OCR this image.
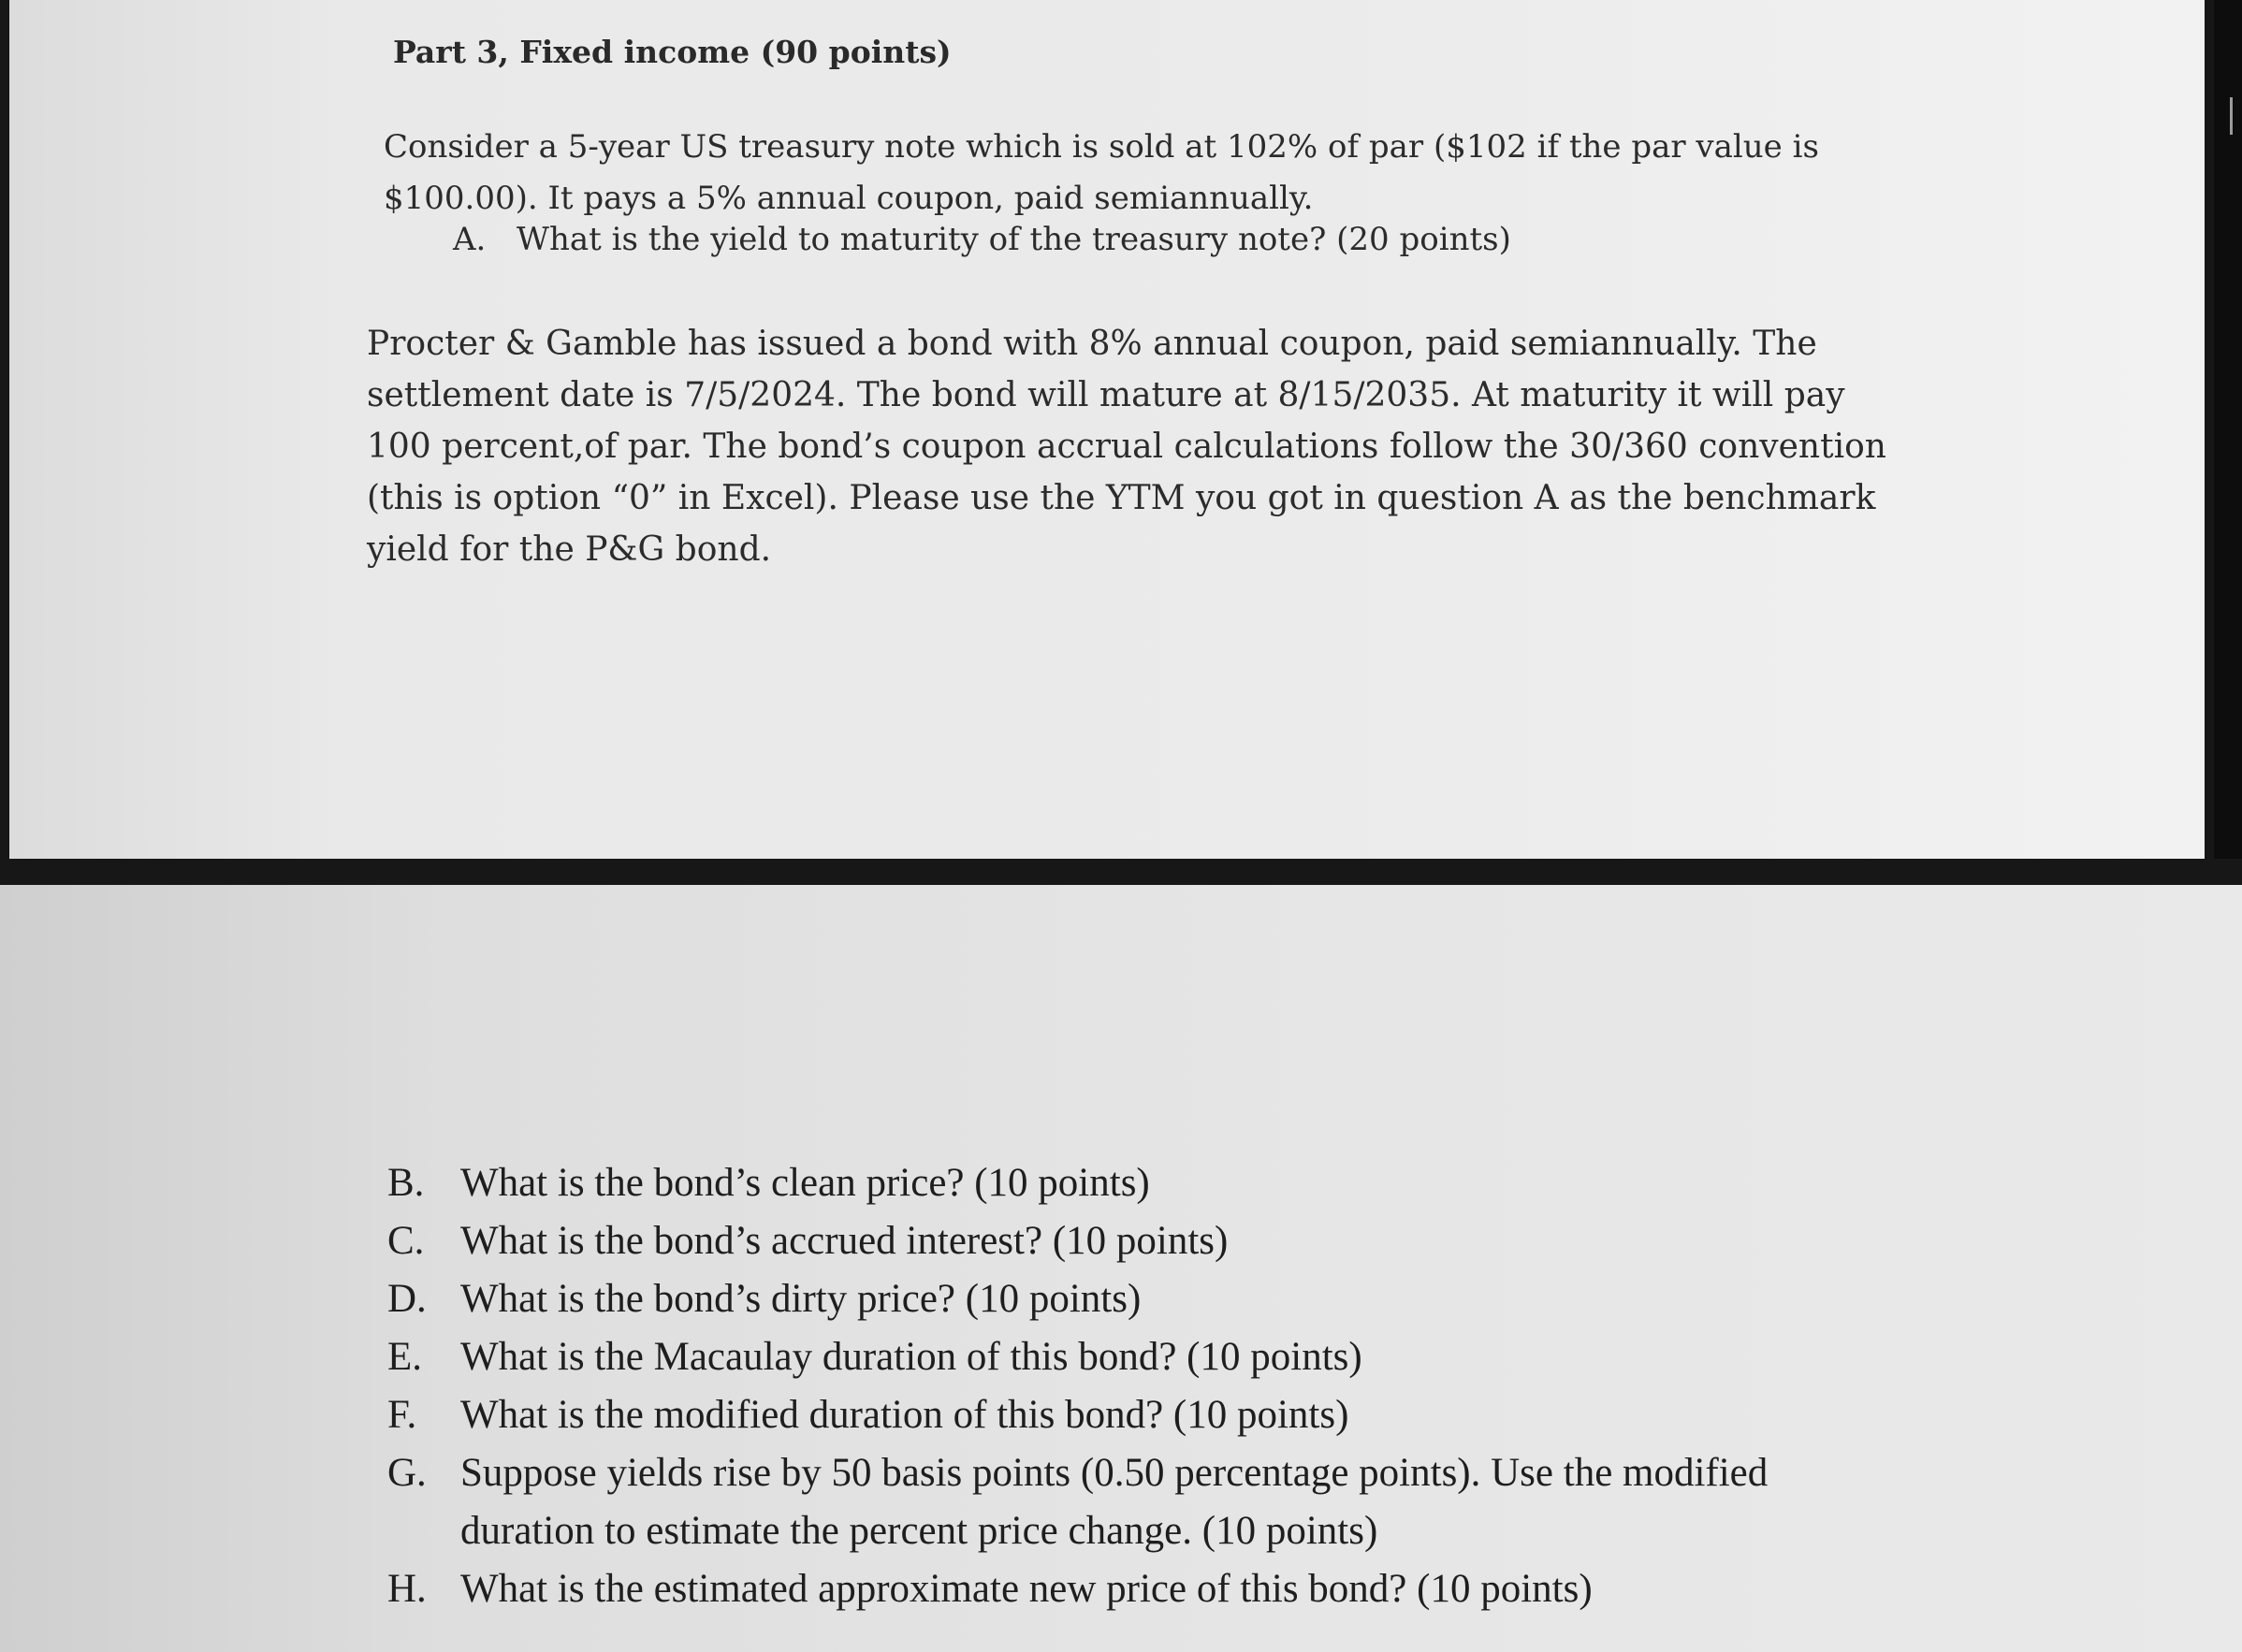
Part 3, Fixed income (90 points)

Consider a 5-year US treasury note which is sold at 102% of par ($102 if the par value is
$100.00). It pays a 5% annual coupon, paid semiannually.

A. What is the yield to maturity of the treasury note? (20 points)

Procter & Gamble has issued a bond with 8% annual coupon, paid semiannually. The
settlement date is 7/5/2024. The bond will mature at 8/15/2035. At maturity it will pay
100 percent,of par. The bond’s coupon accrual calculations follow the 30/360 convention
(this is option “0” in Excel). Please use the YTM you got in question A as the benchmark
yield for the P&G bond.

B. What is the bond’s clean price? (10 points)
C. What is the bond’s accrued interest? (10 points)
D. What is the bond’s dirty price? (10 points)
E. What is the Macaulay duration of this bond? (10 points)
F. What is the modified duration of this bond? (10 points)
G. Suppose yields rise by 50 basis points (0.50 percentage points). Use the modified
duration to estimate the percent price change. (10 points)
H. What is the estimated approximate new price of this bond? (10 points)
